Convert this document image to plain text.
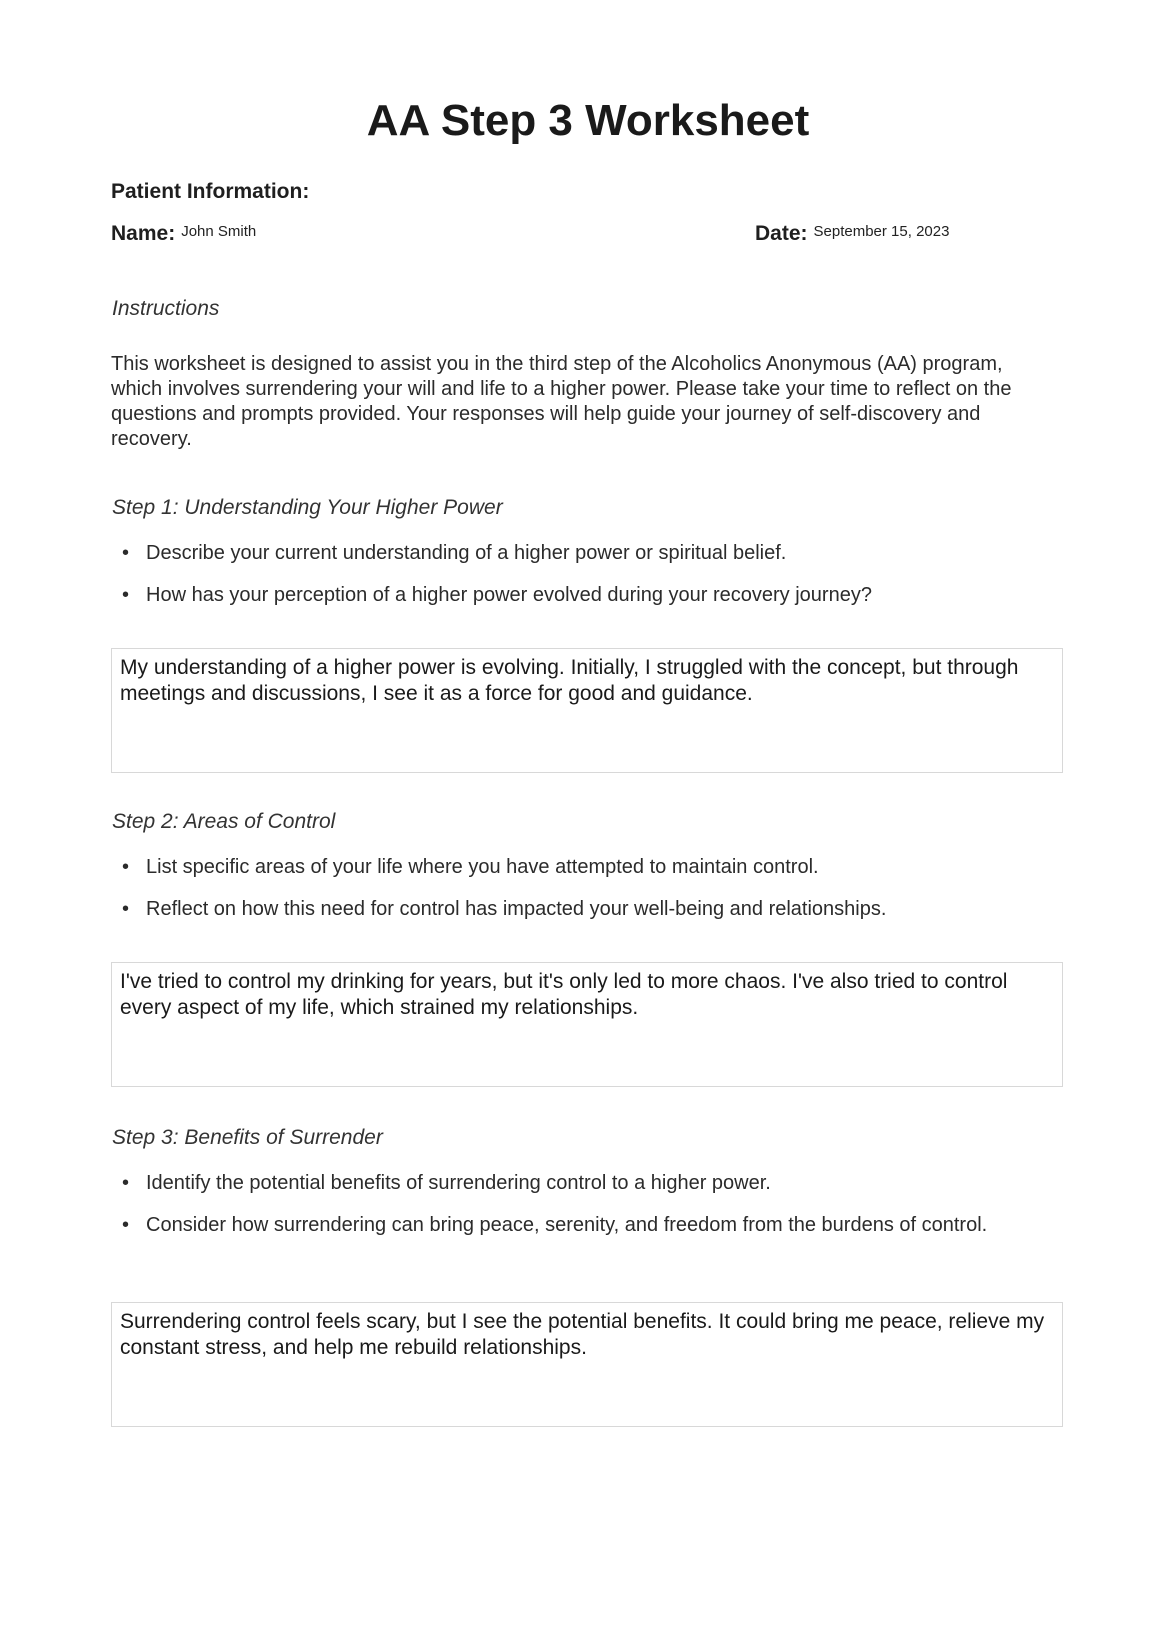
AA Step 3 Worksheet

Patient Information:

Name: John Smith	Date: September 15, 2023

Instructions

This worksheet is designed to assist you in the third step of the Alcoholics Anonymous (AA) program, which involves surrendering your will and life to a higher power. Please take your time to reflect on the questions and prompts provided. Your responses will help guide your journey of self-discovery and recovery.

Step 1: Understanding Your Higher Power

• Describe your current understanding of a higher power or spiritual belief.
• How has your perception of a higher power evolved during your recovery journey?
My understanding of a higher power is evolving. Initially, I struggled with the concept, but through meetings and discussions, I see it as a force for good and guidance.

Step 2: Areas of Control

• List specific areas of your life where you have attempted to maintain control.
• Reflect on how this need for control has impacted your well-being and relationships.
I've tried to control my drinking for years, but it's only led to more chaos. I've also tried to control every aspect of my life, which strained my relationships.

Step 3: Benefits of Surrender

• Identify the potential benefits of surrendering control to a higher power.
• Consider how surrendering can bring peace, serenity, and freedom from the burdens of control.
Surrendering control feels scary, but I see the potential benefits. It could bring me peace, relieve my constant stress, and help me rebuild relationships.
